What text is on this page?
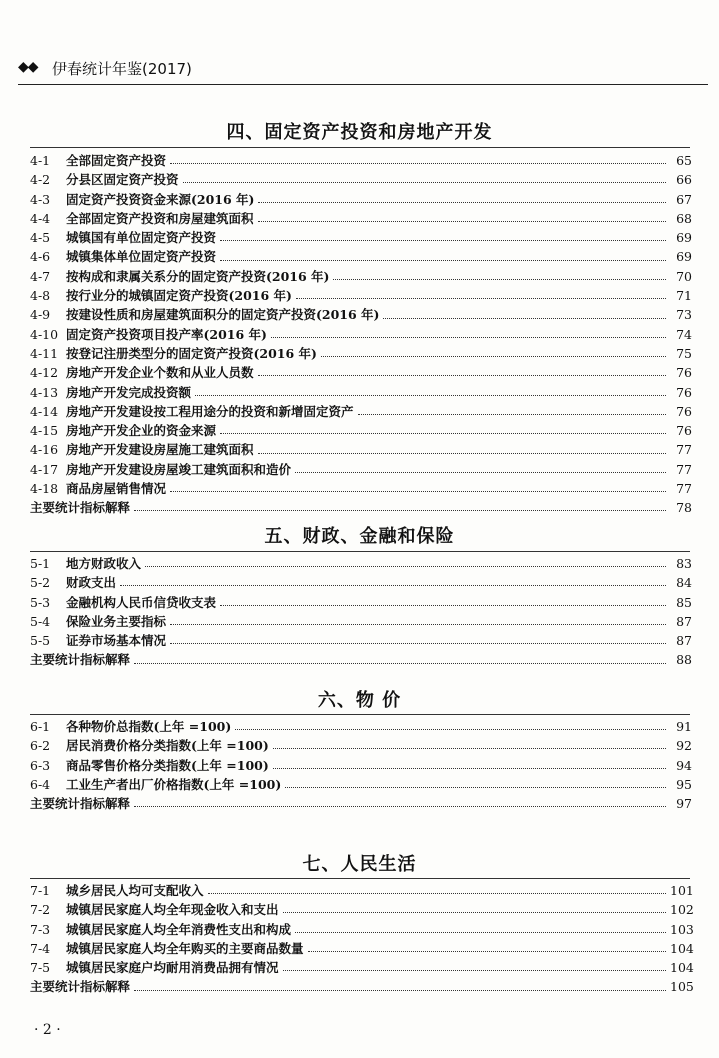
◆◆ 伊春统计年鉴(2017)
四、固定资产投资和房地产开发
4-1	全部固定资产投资	65
4-2	分县区固定资产投资	66
4-3	固定资产投资资金来源(2016 年)	67
4-4	全部固定资产投资和房屋建筑面积	68
4-5	城镇国有单位固定资产投资	69
4-6	城镇集体单位固定资产投资	69
4-7	按构成和隶属关系分的固定资产投资(2016 年)	70
4-8	按行业分的城镇固定资产投资(2016 年)	71
4-9	按建设性质和房屋建筑面积分的固定资产投资(2016 年)	73
4-10 固定资产投资项目投产率(2016 年)	74
4-11 按登记注册类型分的固定资产投资(2016 年)	75
4-12 房地产开发企业个数和从业人员数	76
4-13 房地产开发完成投资额	76
4-14 房地产开发建设按工程用途分的投资和新增固定资产	76
4-15 房地产开发企业的资金来源	76
4-16 房地产开发建设房屋施工建筑面积	77
4-17 房地产开发建设房屋竣工建筑面积和造价	77
4-18 商品房屋销售情况	77
主要统计指标解释	78
五、财政、金融和保险
5-1	地方财政收入	83
5-2	财政支出	84
5-3	金融机构人民币信贷收支表	85
5-4	保险业务主要指标	87
5-5	证券市场基本情况	87
主要统计指标解释	88
六、物 价
6-1	各种物价总指数(上年 =100)	91
6-2	居民消费价格分类指数(上年 =100)	92
6-3	商品零售价格分类指数(上年 =100)	94
6-4	工业生产者出厂价格指数(上年 =100)	95
主要统计指标解释	97
七、人民生活
7-1	城乡居民人均可支配收入	101
7-2	城镇居民家庭人均全年现金收入和支出	102
7-3	城镇居民家庭人均全年消费性支出和构成	103
7-4	城镇居民家庭人均全年购买的主要商品数量	104
7-5	城镇居民家庭户均耐用消费品拥有情况	104
主要统计指标解释	105
· 2 ·
